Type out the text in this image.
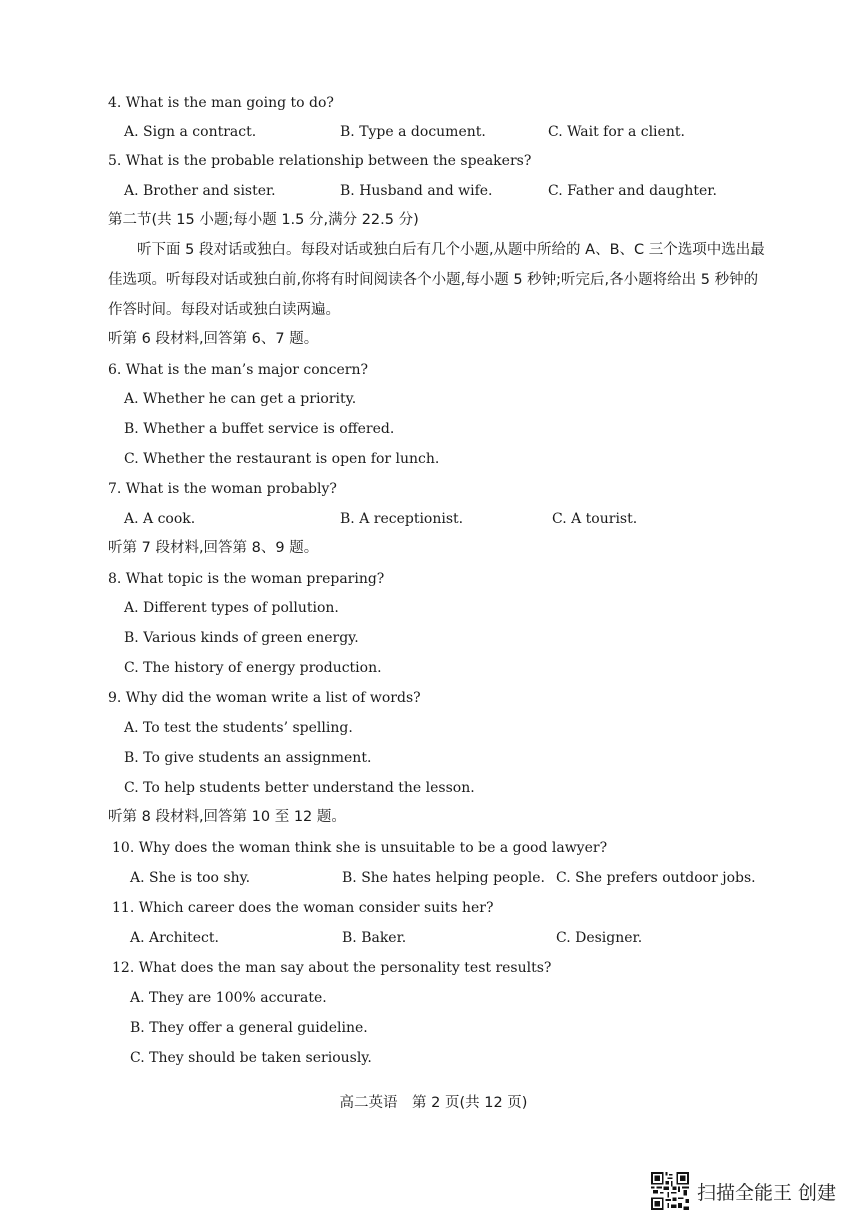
4. What is the man going to do?
A. Sign a contract.	B. Type a document.	C. Wait for a client.
5. What is the probable relationship between the speakers?
A. Brother and sister.	B. Husband and wife.	C. Father and daughter.
第二节(共 15 小题;每小题 1.5 分,满分 22.5 分)
听下面 5 段对话或独白。每段对话或独白后有几个小题,从题中所给的 A、B、C 三个选项中选出最佳选项。听每段对话或独白前,你将有时间阅读各个小题,每小题 5 秒钟;听完后,各小题将给出 5 秒钟的作答时间。每段对话或独白读两遍。
听第 6 段材料,回答第 6、7 题。
6. What is the man’s major concern?
A. Whether he can get a priority.
B. Whether a buffet service is offered.
C. Whether the restaurant is open for lunch.
7. What is the woman probably?
A. A cook.	B. A receptionist.	C. A tourist.
听第 7 段材料,回答第 8、9 题。
8. What topic is the woman preparing?
A. Different types of pollution.
B. Various kinds of green energy.
C. The history of energy production.
9. Why did the woman write a list of words?
A. To test the students’ spelling.
B. To give students an assignment.
C. To help students better understand the lesson.
听第 8 段材料,回答第 10 至 12 题。
10. Why does the woman think she is unsuitable to be a good lawyer?
A. She is too shy.	B. She hates helping people. C. She prefers outdoor jobs.
11. Which career does the woman consider suits her?
A. Architect.	B. Baker.	C. Designer.
12. What does the man say about the personality test results?
A. They are 100% accurate.
B. They offer a general guideline.
C. They should be taken seriously.
高二英语　第 2 页(共 12 页)
扫描全能王 创建
